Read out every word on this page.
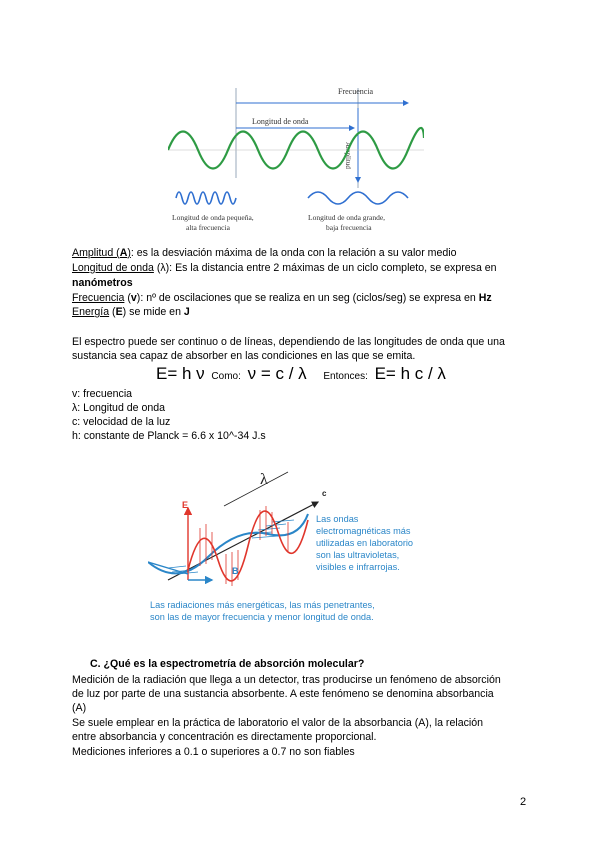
Frecuencia
Longitud de onda
Amplitud
Longitud de onda pequeña,
alta frecuencia
Longitud de onda grande,
baja frecuencia
Amplitud (A): es la desviación máxima de la onda con la relación a su valor medio
Longitud de onda (λ): Es la distancia entre 2 máximas de un ciclo completo, se expresa en
nanómetros
Frecuencia (v): nº de oscilaciones que se realiza en un seg (ciclos/seg) se expresa en Hz
Energía (E) se mide en J
El espectro puede ser continuo o de líneas, dependiendo de las longitudes de onda que una
sustancia sea capaz de absorber en las condiciones en las que se emita.
E= h ν Como: ν = c / λ Entonces: E= h c / λ
v: frecuencia
λ: Longitud de onda
c: velocidad de la luz
h: constante de Planck = 6.6 x 10^-34 J.s
E
B
λ
c
Las ondas
electromagnéticas más
utilizadas en laboratorio
son las ultravioletas,
visibles e infrarrojas.
Las radiaciones más energéticas, las más penetrantes,
son las de mayor frecuencia y menor longitud de onda.
C. ¿Qué es la espectrometría de absorción molecular?
Medición de la radiación que llega a un detector, tras producirse un fenómeno de absorción
de luz por parte de una sustancia absorbente. A este fenómeno se denomina absorbancia
(A)
Se suele emplear en la práctica de laboratorio el valor de la absorbancia (A), la relación
entre absorbancia y concentración es directamente proporcional.
Mediciones inferiores a 0.1 o superiores a 0.7 no son fiables
2
